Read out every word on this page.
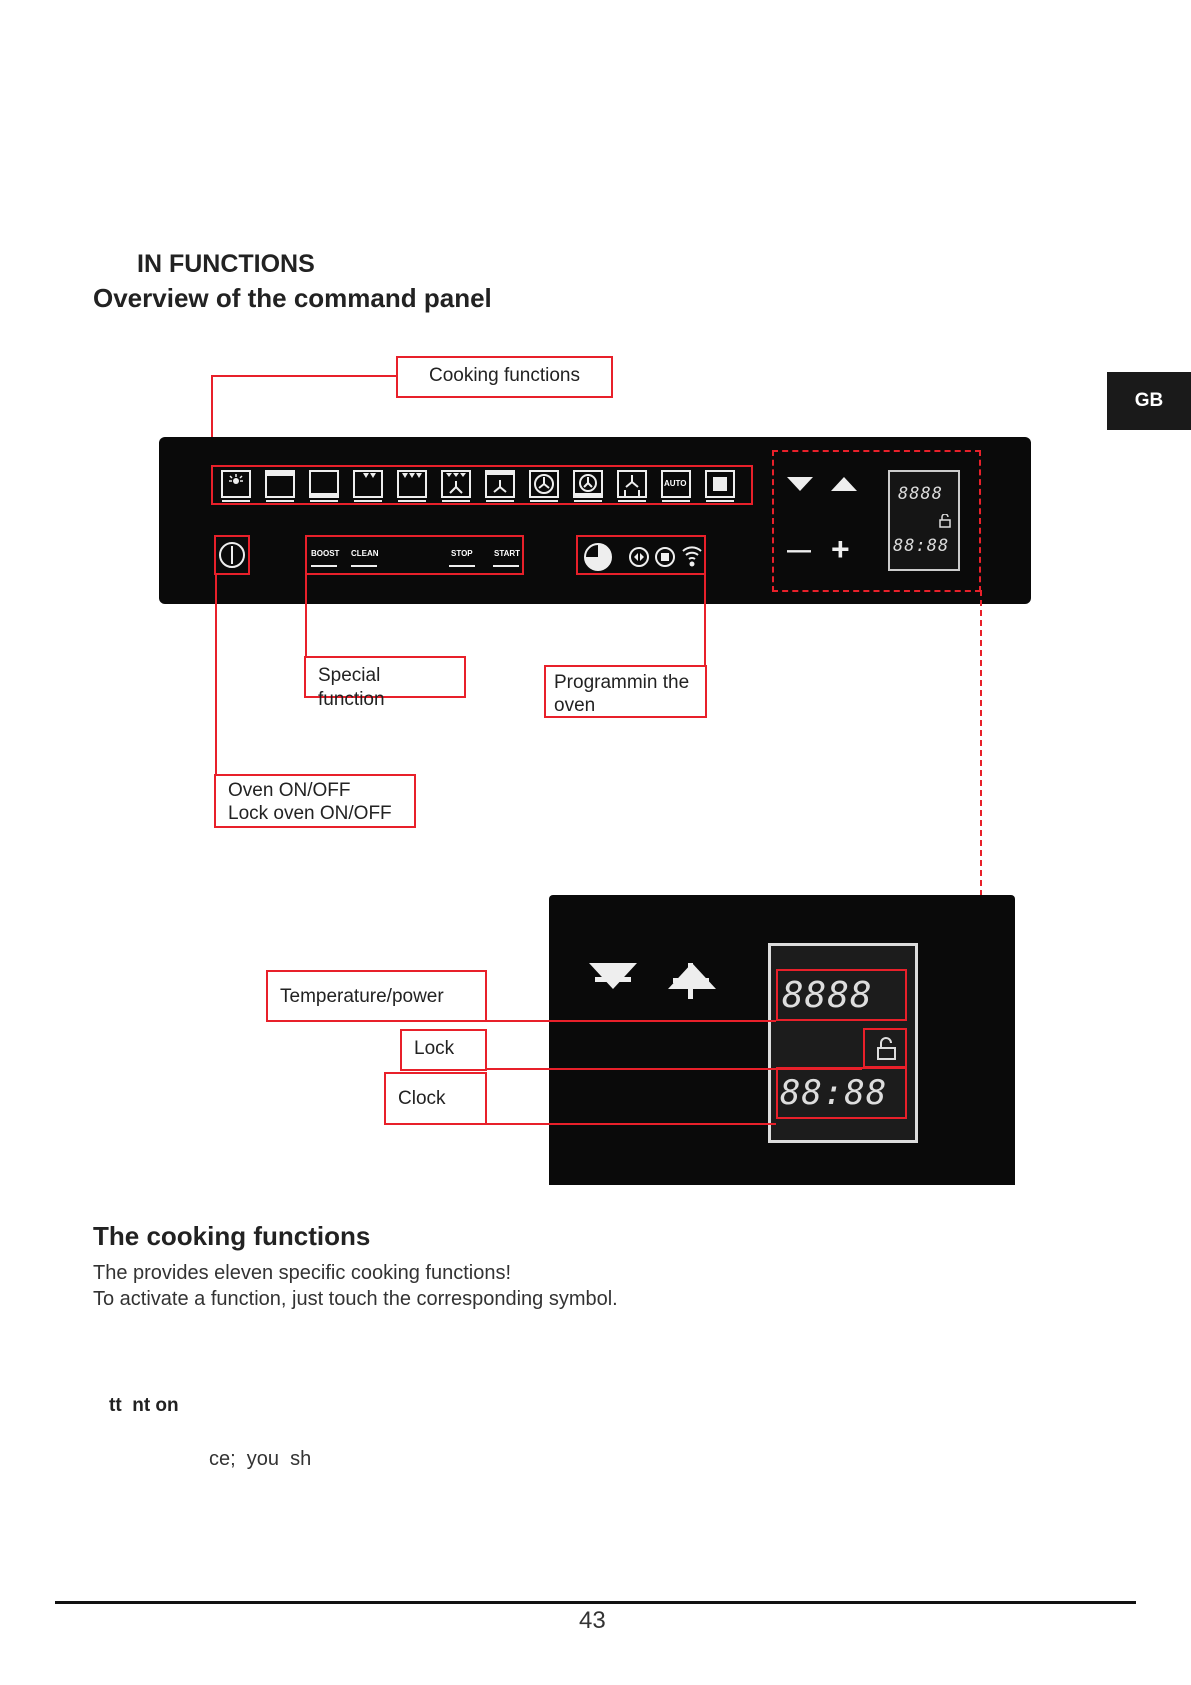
IN FUNCTIONS
Overview of the command panel
GB
Cooking functions
AUTO
BOOST CLEAN	STOP	START	— +
8888
88:88
Special function
Programmin the
oven
Oven ON/OFF
Lock oven ON/OFF
8888
88:88
Temperature/power
Lock
Clock
The cooking functions
The provides eleven specific cooking functions!
To activate a function, just touch the corresponding symbol.
tt  nt on
ce;  you  sh
43
